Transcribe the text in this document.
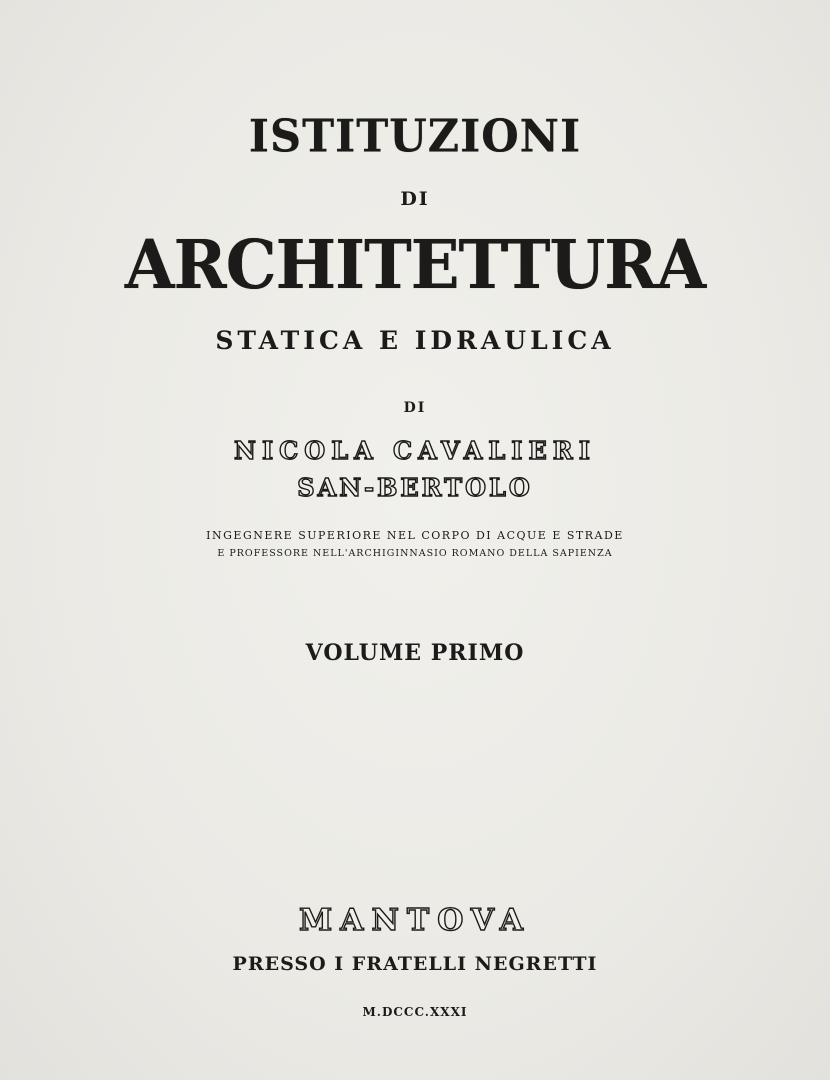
ISTITUZIONI
DI
ARCHITETTURA
STATICA E IDRAULICA
DI
NICOLA CAVALIERI
SAN-BERTOLO
INGEGNERE SUPERIORE NEL CORPO DI ACQUE E STRADE
E PROFESSORE NELL'ARCHIGINNASIO ROMANO DELLA SAPIENZA
VOLUME PRIMO
MANTOVA
PRESSO I FRATELLI NEGRETTI
M.DCCC.XXXI
